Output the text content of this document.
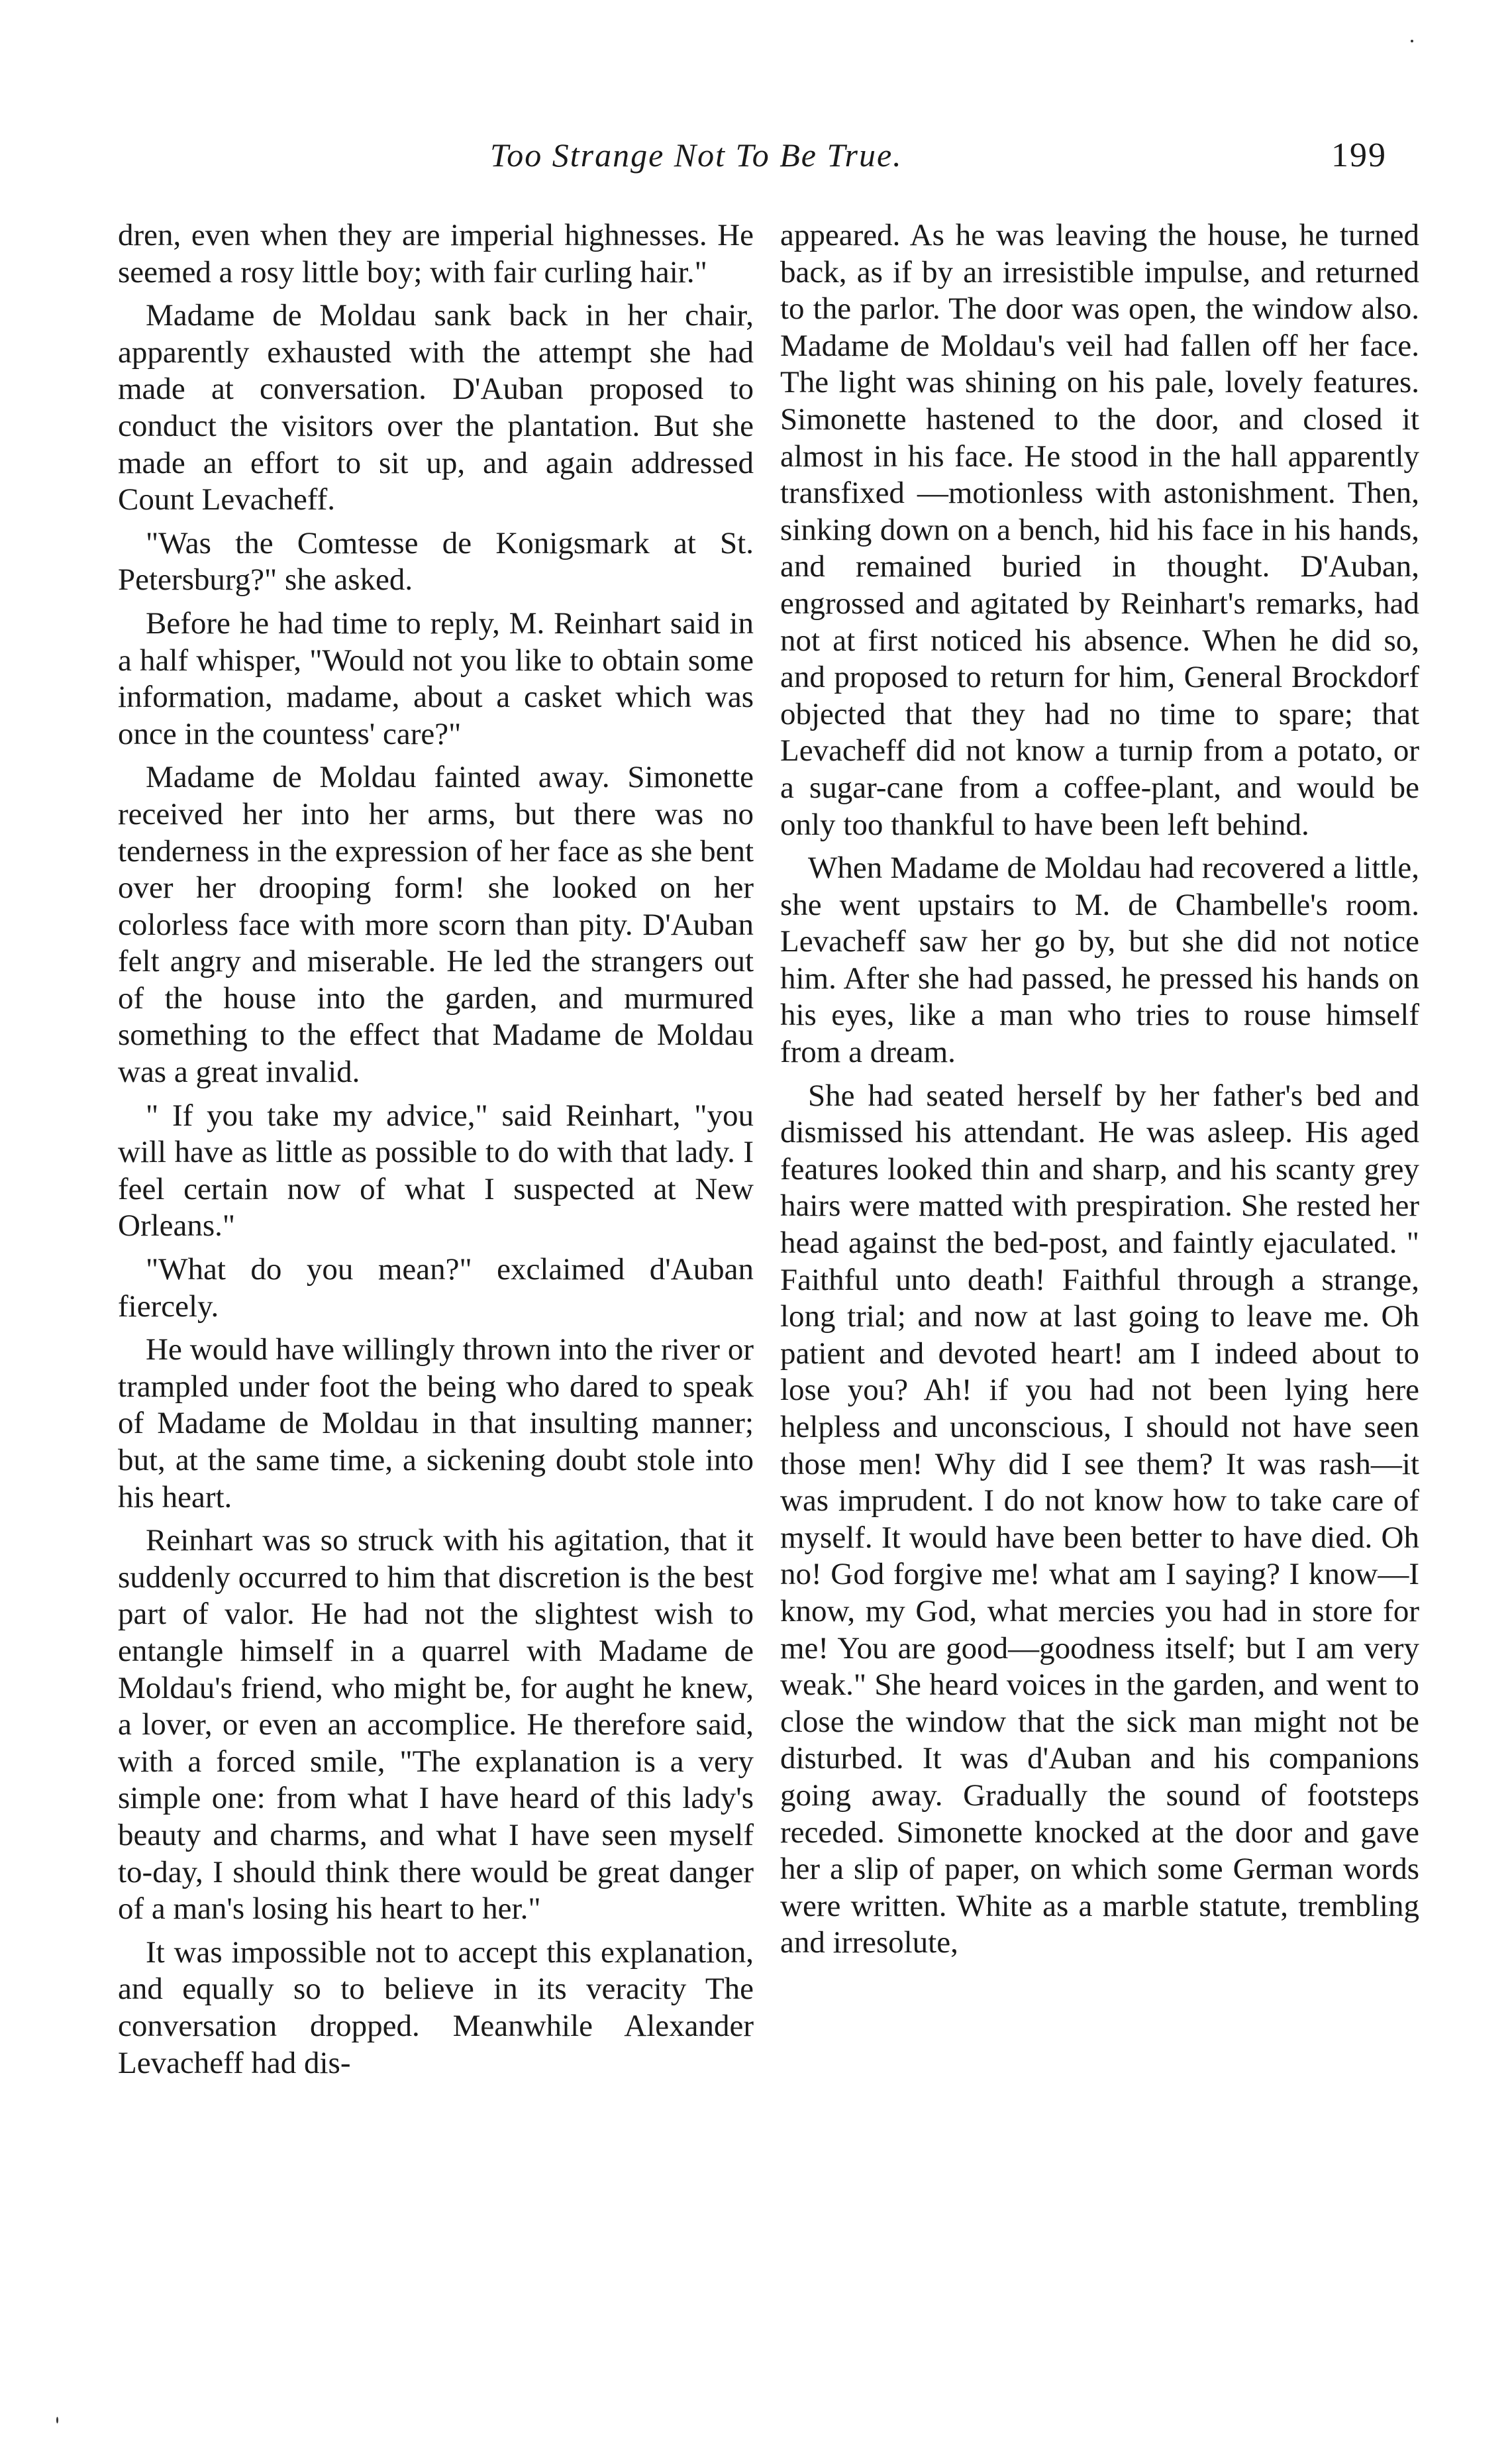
Too Strange Not To Be True.	199

dren, even when they are imperial highnesses. He seemed a rosy little boy; with fair curling hair."

Madame de Moldau sank back in her chair, apparently exhausted with the attempt she had made at conversation. D'Auban proposed to conduct the visitors over the plantation. But she made an effort to sit up, and again addressed Count Levacheff.

"Was the Comtesse de Konigsmark at St. Petersburg?" she asked.

Before he had time to reply, M. Reinhart said in a half whisper, "Would not you like to obtain some information, madame, about a casket which was once in the countess' care?"

Madame de Moldau fainted away. Simonette received her into her arms, but there was no tenderness in the expression of her face as she bent over her drooping form! she looked on her colorless face with more scorn than pity. D'Auban felt angry and miserable. He led the strangers out of the house into the garden, and murmured something to the effect that Madame de Moldau was a great invalid.

" If you take my advice," said Reinhart, "you will have as little as possible to do with that lady. I feel certain now of what I suspected at New Orleans."

"What do you mean?" exclaimed d'Auban fiercely.

He would have willingly thrown into the river or trampled under foot the being who dared to speak of Madame de Moldau in that insulting manner; but, at the same time, a sickening doubt stole into his heart.

Reinhart was so struck with his agitation, that it suddenly occurred to him that discretion is the best part of valor. He had not the slightest wish to entangle himself in a quarrel with Madame de Moldau's friend, who might be, for aught he knew, a lover, or even an accomplice. He therefore said, with a forced smile, "The explanation is a very simple one: from what I have heard of this lady's beauty and charms, and what I have seen myself to-day, I should think there would be great danger of a man's losing his heart to her."

It was impossible not to accept this explanation, and equally so to believe in its veracity The conversation dropped. Meanwhile Alexander Levacheff had dis-

appeared. As he was leaving the house, he turned back, as if by an irresistible impulse, and returned to the parlor. The door was open, the window also. Madame de Moldau's veil had fallen off her face. The light was shining on his pale, lovely features. Simonette hastened to the door, and closed it almost in his face. He stood in the hall apparently transfixed —motionless with astonishment. Then, sinking down on a bench, hid his face in his hands, and remained buried in thought. D'Auban, engrossed and agitated by Reinhart's remarks, had not at first noticed his absence. When he did so, and proposed to return for him, General Brockdorf objected that they had no time to spare; that Levacheff did not know a turnip from a potato, or a sugar-cane from a coffee-plant, and would be only too thankful to have been left behind.

When Madame de Moldau had recovered a little, she went upstairs to M. de Chambelle's room. Levacheff saw her go by, but she did not notice him. After she had passed, he pressed his hands on his eyes, like a man who tries to rouse himself from a dream.

She had seated herself by her father's bed and dismissed his attendant. He was asleep. His aged features looked thin and sharp, and his scanty grey hairs were matted with prespiration. She rested her head against the bed-post, and faintly ejaculated. " Faithful unto death! Faithful through a strange, long trial; and now at last going to leave me. Oh patient and devoted heart! am I indeed about to lose you? Ah! if you had not been lying here helpless and unconscious, I should not have seen those men! Why did I see them? It was rash—it was imprudent. I do not know how to take care of myself. It would have been better to have died. Oh no! God forgive me! what am I saying? I know—I know, my God, what mercies you had in store for me! You are good—goodness itself; but I am very weak." She heard voices in the garden, and went to close the window that the sick man might not be disturbed. It was d'Auban and his companions going away. Gradually the sound of footsteps receded. Simonette knocked at the door and gave her a slip of paper, on which some German words were written. White as a marble statute, trembling and irresolute,
